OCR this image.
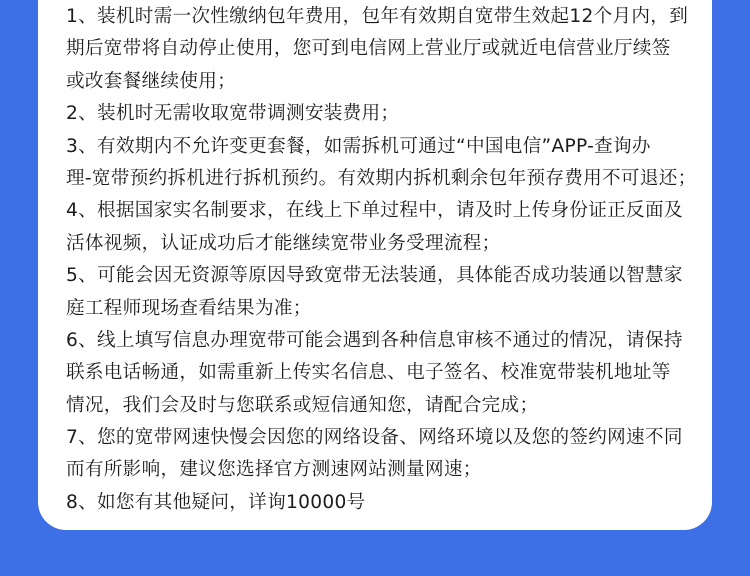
1、装机时需一次性缴纳包年费用，包年有效期自宽带生效起12个月内，到
期后宽带将自动停止使用，您可到电信网上营业厅或就近电信营业厅续签
或改套餐继续使用；
2、装机时无需收取宽带调测安装费用；
3、有效期内不允许变更套餐，如需拆机可通过“中国电信”APP-查询办
理-宽带预约拆机进行拆机预约。有效期内拆机剩余包年预存费用不可退还；
4、根据国家实名制要求，在线上下单过程中，请及时上传身份证正反面及
活体视频，认证成功后才能继续宽带业务受理流程；
5、可能会因无资源等原因导致宽带无法装通，具体能否成功装通以智慧家
庭工程师现场查看结果为准；
6、线上填写信息办理宽带可能会遇到各种信息审核不通过的情况，请保持
联系电话畅通，如需重新上传实名信息、电子签名、校准宽带装机地址等
情况，我们会及时与您联系或短信通知您，请配合完成；
7、您的宽带网速快慢会因您的网络设备、网络环境以及您的签约网速不同
而有所影响，建议您选择官方测速网站测量网速；
8、如您有其他疑问，详询10000号
